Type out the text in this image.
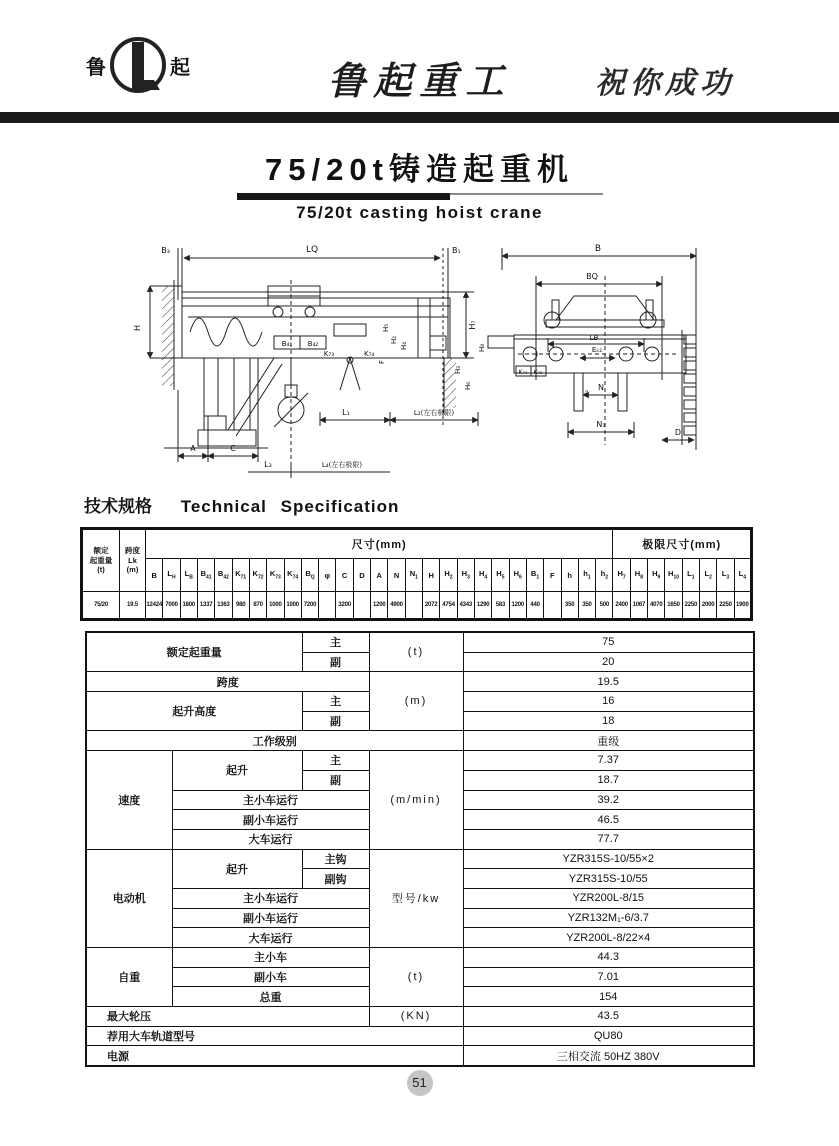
鲁	起	鲁起重工	祝你成功
75/20t铸造起重机
75/20t casting hoist crane
B₃	LQ	B₁
B₄₁ B₄₂
K₇₃	K₇₄
H
A	C
L₁	L₂(左右极限)
L₃	L₄(左右极限)
H₇
H₅
H₂
H₄
F
H₃
H₆
B
BQ
LB
Eₖ₂
K₇₁ K₇₂
h₂
N
N₁
D
H₈
技术规格 Technical Specification
额定
起重量
(t)	跨度
Lk
(m)	尺寸(mm)																											极限尺寸(mm)							
		B	$L_H$	$L_B$	$B_{41}$	$B_{42}$	$K_{71}$	$K_{72}$	$K_{73}$	$K_{74}$	$B_Q$	φ	C	D	A	N	$N_1$	H	$H_2$	$H_3$	$H_4$	$H_5$	$H_6$	$B_1$	F	h	$h_1$	$h_2$	$H_7$	$H_8$	$H_9$	$H_{10}$	$L_1$	$L_2$	$L_3$	$L_4$
75/20	19.5	12424	7000	1800	1337	1363	980	870	1000	1000	7200		3200		1200	4900		2072	4754	4343	1290	583	1200	440		350	350	500	2400	1067	4070	1650	2250	2000	2250	1900
额定起重量		主	(t)	75
		副		20
跨度			(m)	19.5
起升高度		主		16
		副		18
工作级别				重级
速度	起升	主	(m/min)	7.37
		副		18.7
	主小车运行			39.2
	副小车运行			46.5
	大车运行			77.7
电动机	起升	主钩	型号/kw	YZR315S-10/55×2
		副钩		YZR315S-10/55
	主小车运行			YZR200L-8/15
	副小车运行			YZR132M₁-6/3.7
	大车运行			YZR200L-8/22×4
自重	主小车		(t)	44.3
	副小车			7.01
	总重			154
最大轮压			(KN)	43.5
荐用大车轨道型号				QU80
电源				三相交流 50HZ 380V
51
